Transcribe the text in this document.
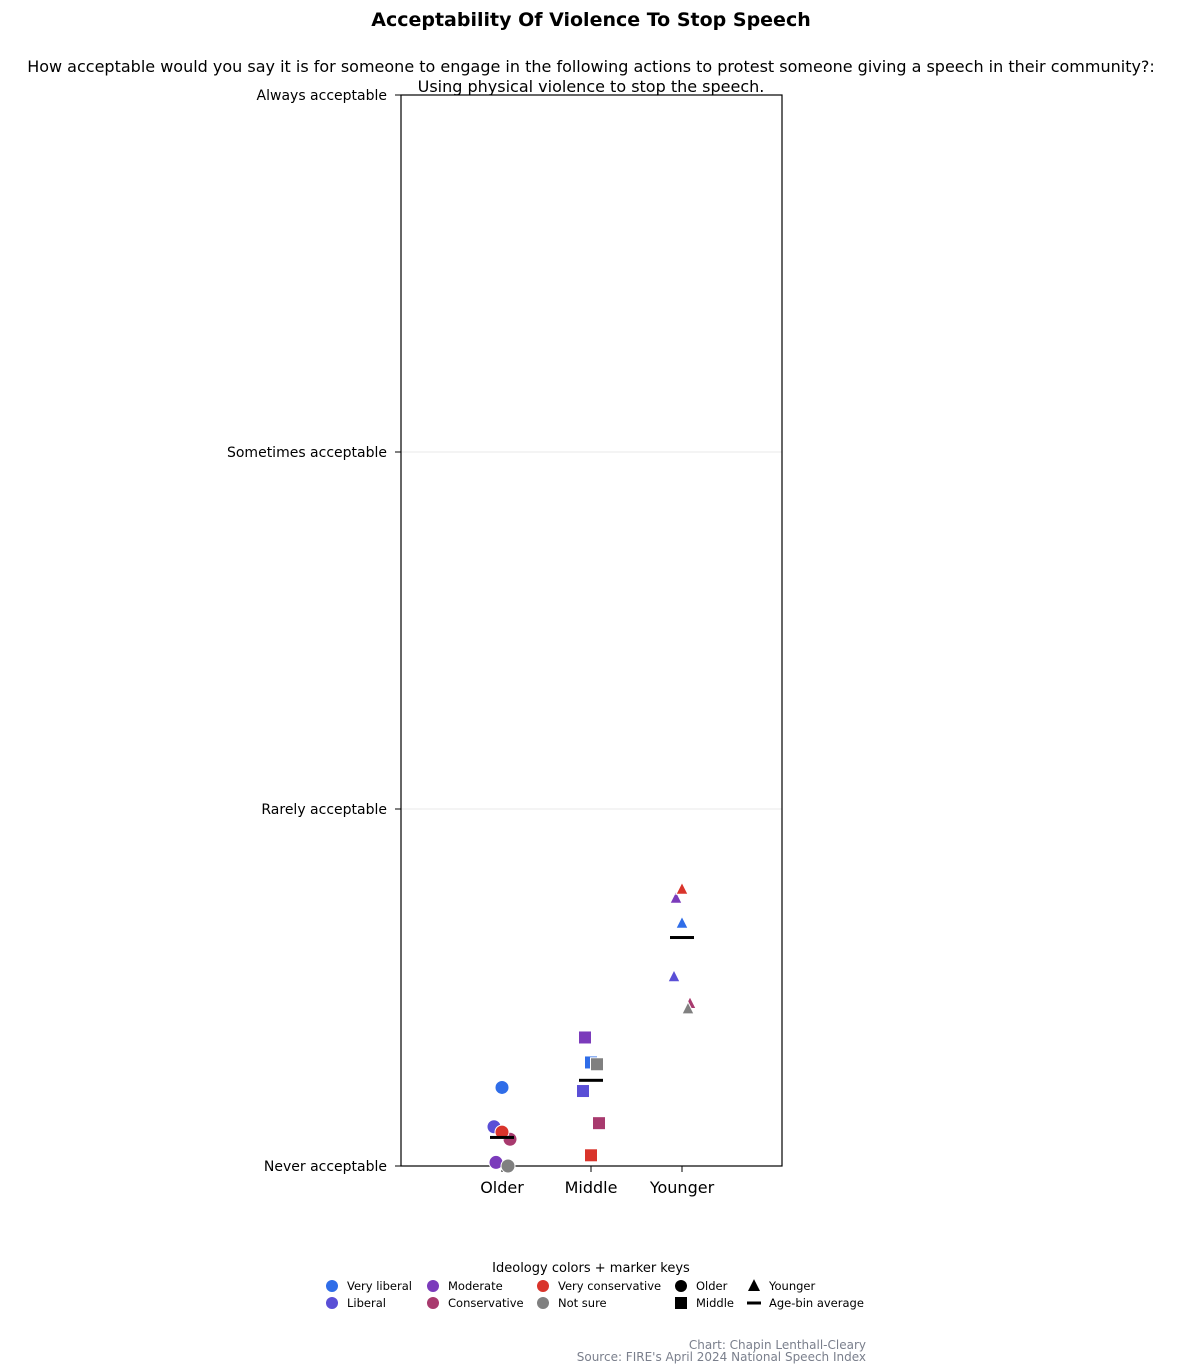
Acceptability Of Violence To Stop Speech
How acceptable would you say it is for someone to engage in the following actions to protest someone giving a speech in their community?:
Using physical violence to stop the speech.
Never acceptable
Rarely acceptable
Sometimes acceptable
Always acceptable
Older	Middle Younger
Ideology colors + marker keys
Very liberal
Liberal
Moderate
Conservative
Very conservative
Not sure
Older
Middle
Younger
Age-bin average
Chart: Chapin Lenthall-Cleary
Source: FIRE's April 2024 National Speech Index
